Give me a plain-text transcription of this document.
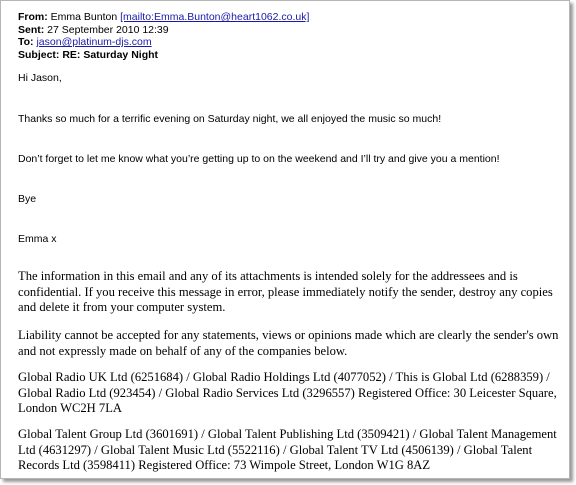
From: Emma Bunton [mailto:Emma.Bunton@heart1062.co.uk]
Sent: 27 September 2010 12:39
To: jason@platinum-djs.com
Subject: RE: Saturday Night
Hi Jason,
Thanks so much for a terrific evening on Saturday night, we all enjoyed the music so much!
Don’t forget to let me know what you’re getting up to on the weekend and I’ll try and give you a mention!
Bye
Emma x
The information in this email and any of its attachments is intended solely for the addressees and is confidential. If you receive this message in error, please immediately notify the sender, destroy any copies and delete it from your computer system.
Liability cannot be accepted for any statements, views or opinions made which are clearly the sender's own and not expressly made on behalf of any of the companies below.
Global Radio UK Ltd (6251684) / Global Radio Holdings Ltd (4077052) / This is Global Ltd (6288359) / Global Radio Ltd (923454) / Global Radio Services Ltd (3296557) Registered Office: 30 Leicester Square, London WC2H 7LA
Global Talent Group Ltd (3601691) / Global Talent Publishing Ltd (3509421) / Global Talent Management Ltd (4631297) / Global Talent Music Ltd (5522116) / Global Talent TV Ltd (4506139) / Global Talent Records Ltd (3598411) Registered Office: 73 Wimpole Street, London W1G 8AZ
